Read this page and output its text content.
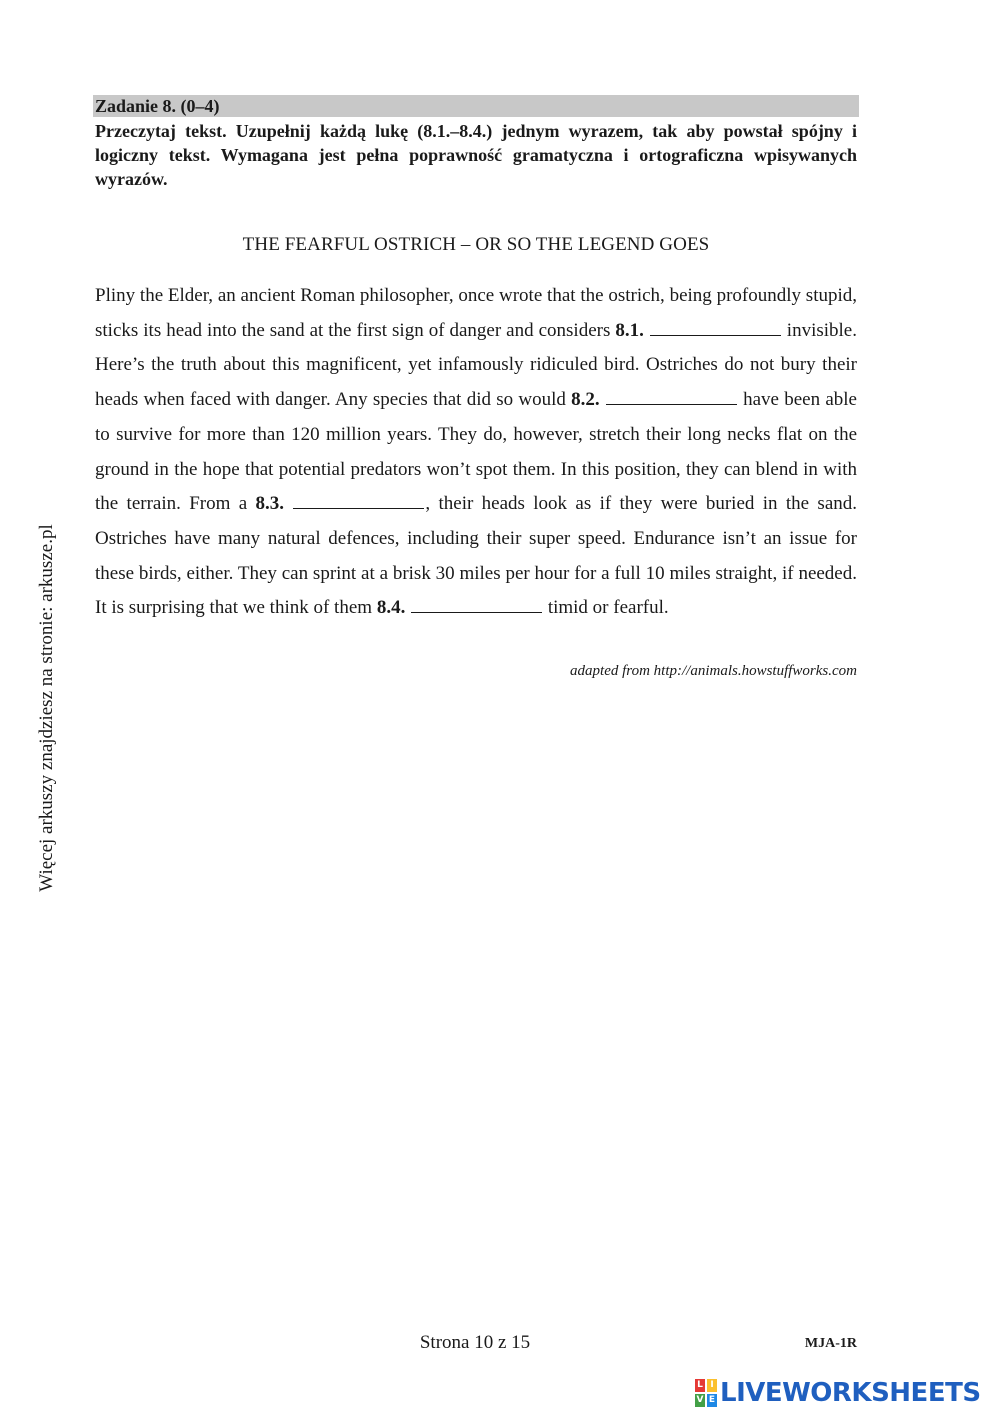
Zadanie 8. (0–4)
Przeczytaj tekst. Uzupełnij każdą lukę (8.1.–8.4.) jednym wyrazem, tak aby powstał spójny i logiczny tekst. Wymagana jest pełna poprawność gramatyczna i ortograficzna wpisywanych wyrazów.
THE FEARFUL OSTRICH – OR SO THE LEGEND GOES
Pliny the Elder, an ancient Roman philosopher, once wrote that the ostrich, being profoundly stupid, sticks its head into the sand at the first sign of danger and considers 8.1.	invisible. Here’s the truth about this magnificent, yet infamously ridiculed bird. Ostriches do not bury their heads when faced with danger. Any species that did so would 8.2.	have been able to survive for more than 120 million years. They do, however, stretch their long necks flat on the ground in the hope that potential predators won’t spot them. In this position, they can blend in with the terrain. From a 8.3.	, their heads look as if they were buried in the sand. Ostriches have many natural defences, including their super speed. Endurance isn’t an issue for these birds, either. They can sprint at a brisk 30 miles per hour for a full 10 miles straight, if needed. It is surprising that we think of them 8.4.	timid or fearful.
adapted from http://animals.howstuffworks.com
Więcej arkuszy znajdziesz na stronie: arkusze.pl
Strona 10 z 15	MJA-1R
L I
V E LIVEWORKSHEETS
